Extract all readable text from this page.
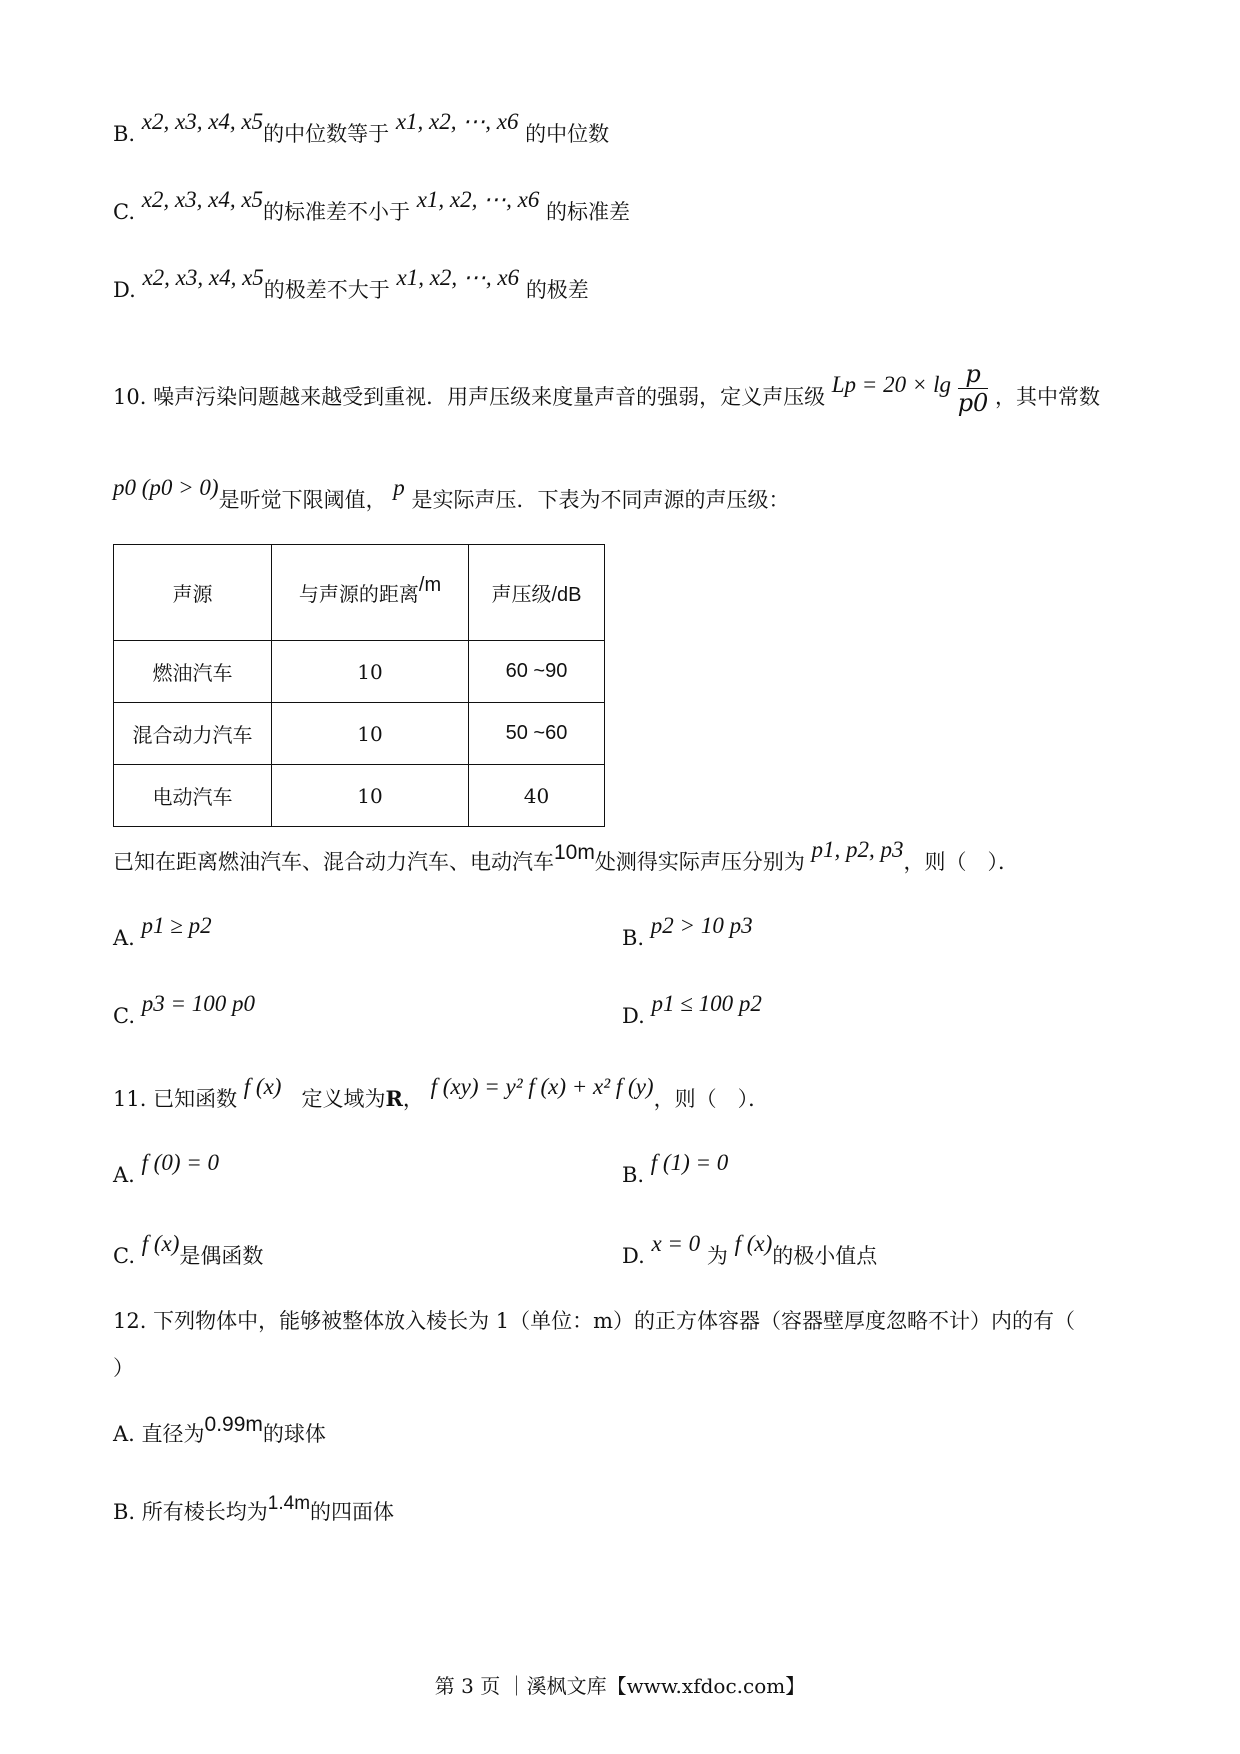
B. x2, x3, x4, x5的中位数等于 x1, x2, ⋯, x6 的中位数
C. x2, x3, x4, x5的标准差不小于 x1, x2, ⋯, x6 的标准差
D. x2, x3, x4, x5的极差不大于 x1, x2, ⋯, x6 的极差
10. 噪声污染问题越来越受到重视．用声压级来度量声音的强弱，定义声压级 $Lp = 20 \times \lg \frac{p}{p0}$ ，其中常数
p0 (p0 > 0)是听觉下限阈值， p 是实际声压．下表为不同声源的声压级：
声源	与声源的距离/m	声压级/dB
燃油汽车	10	60 ~90
混合动力汽车	10	50 ~60
电动汽车	10	40
已知在距离燃油汽车、混合动力汽车、电动汽车10m处测得实际声压分别为 p1, p2, p3，则（　）．
A. p1 ≥ p2	B. p2 > 10 p3
C. p3 = 100 p0	D. p1 ≤ 100 p2
11. 已知函数 f (x) 定义域为R， f (xy) = y² f (x) + x² f (y)，则（　）．
A. f (0) = 0	B. f (1) = 0
C. f (x)是偶函数	D. x = 0 为 f (x)的极小值点
12. 下列物体中，能够被整体放入棱长为 1（单位：m）的正方体容器（容器壁厚度忽略不计）内的有（
）
A. 直径为0.99m的球体
B. 所有棱长均为1.4m的四面体
第 3 页 ｜溪枫文库【www.xfdoc.com】
